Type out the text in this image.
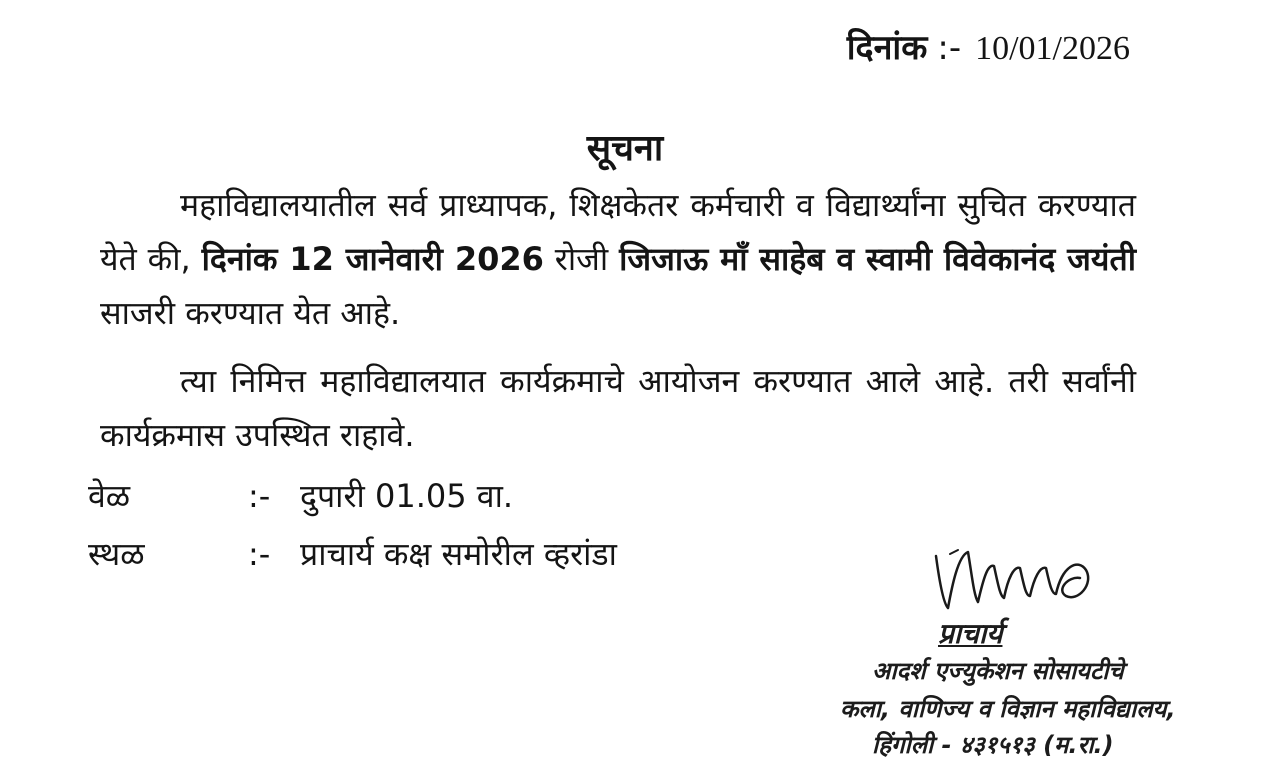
दिनांक :- 10/01/2026
सूचना
महाविद्यालयातील सर्व प्राध्यापक, शिक्षकेतर कर्मचारी व विद्यार्थ्यांना सुचित करण्यात येते की, दिनांक 12 जानेवारी 2026 रोजी जिजाऊ माँ साहेब व स्वामी विवेकानंद जयंती साजरी करण्यात येत आहे.
त्या निमित्त महाविद्यालयात कार्यक्रमाचे आयोजन करण्यात आले आहे. तरी सर्वांनी कार्यक्रमास उपस्थित राहावे.
वेळ	:- दुपारी 01.05 वा.
स्थळ	:- प्राचार्य कक्ष समोरील व्हरांडा
प्राचार्य
आदर्श एज्युकेशन सोसायटीचे
कला, वाणिज्य व विज्ञान महाविद्यालय,
हिंगोली - ४३१५१३ (म.रा.)
